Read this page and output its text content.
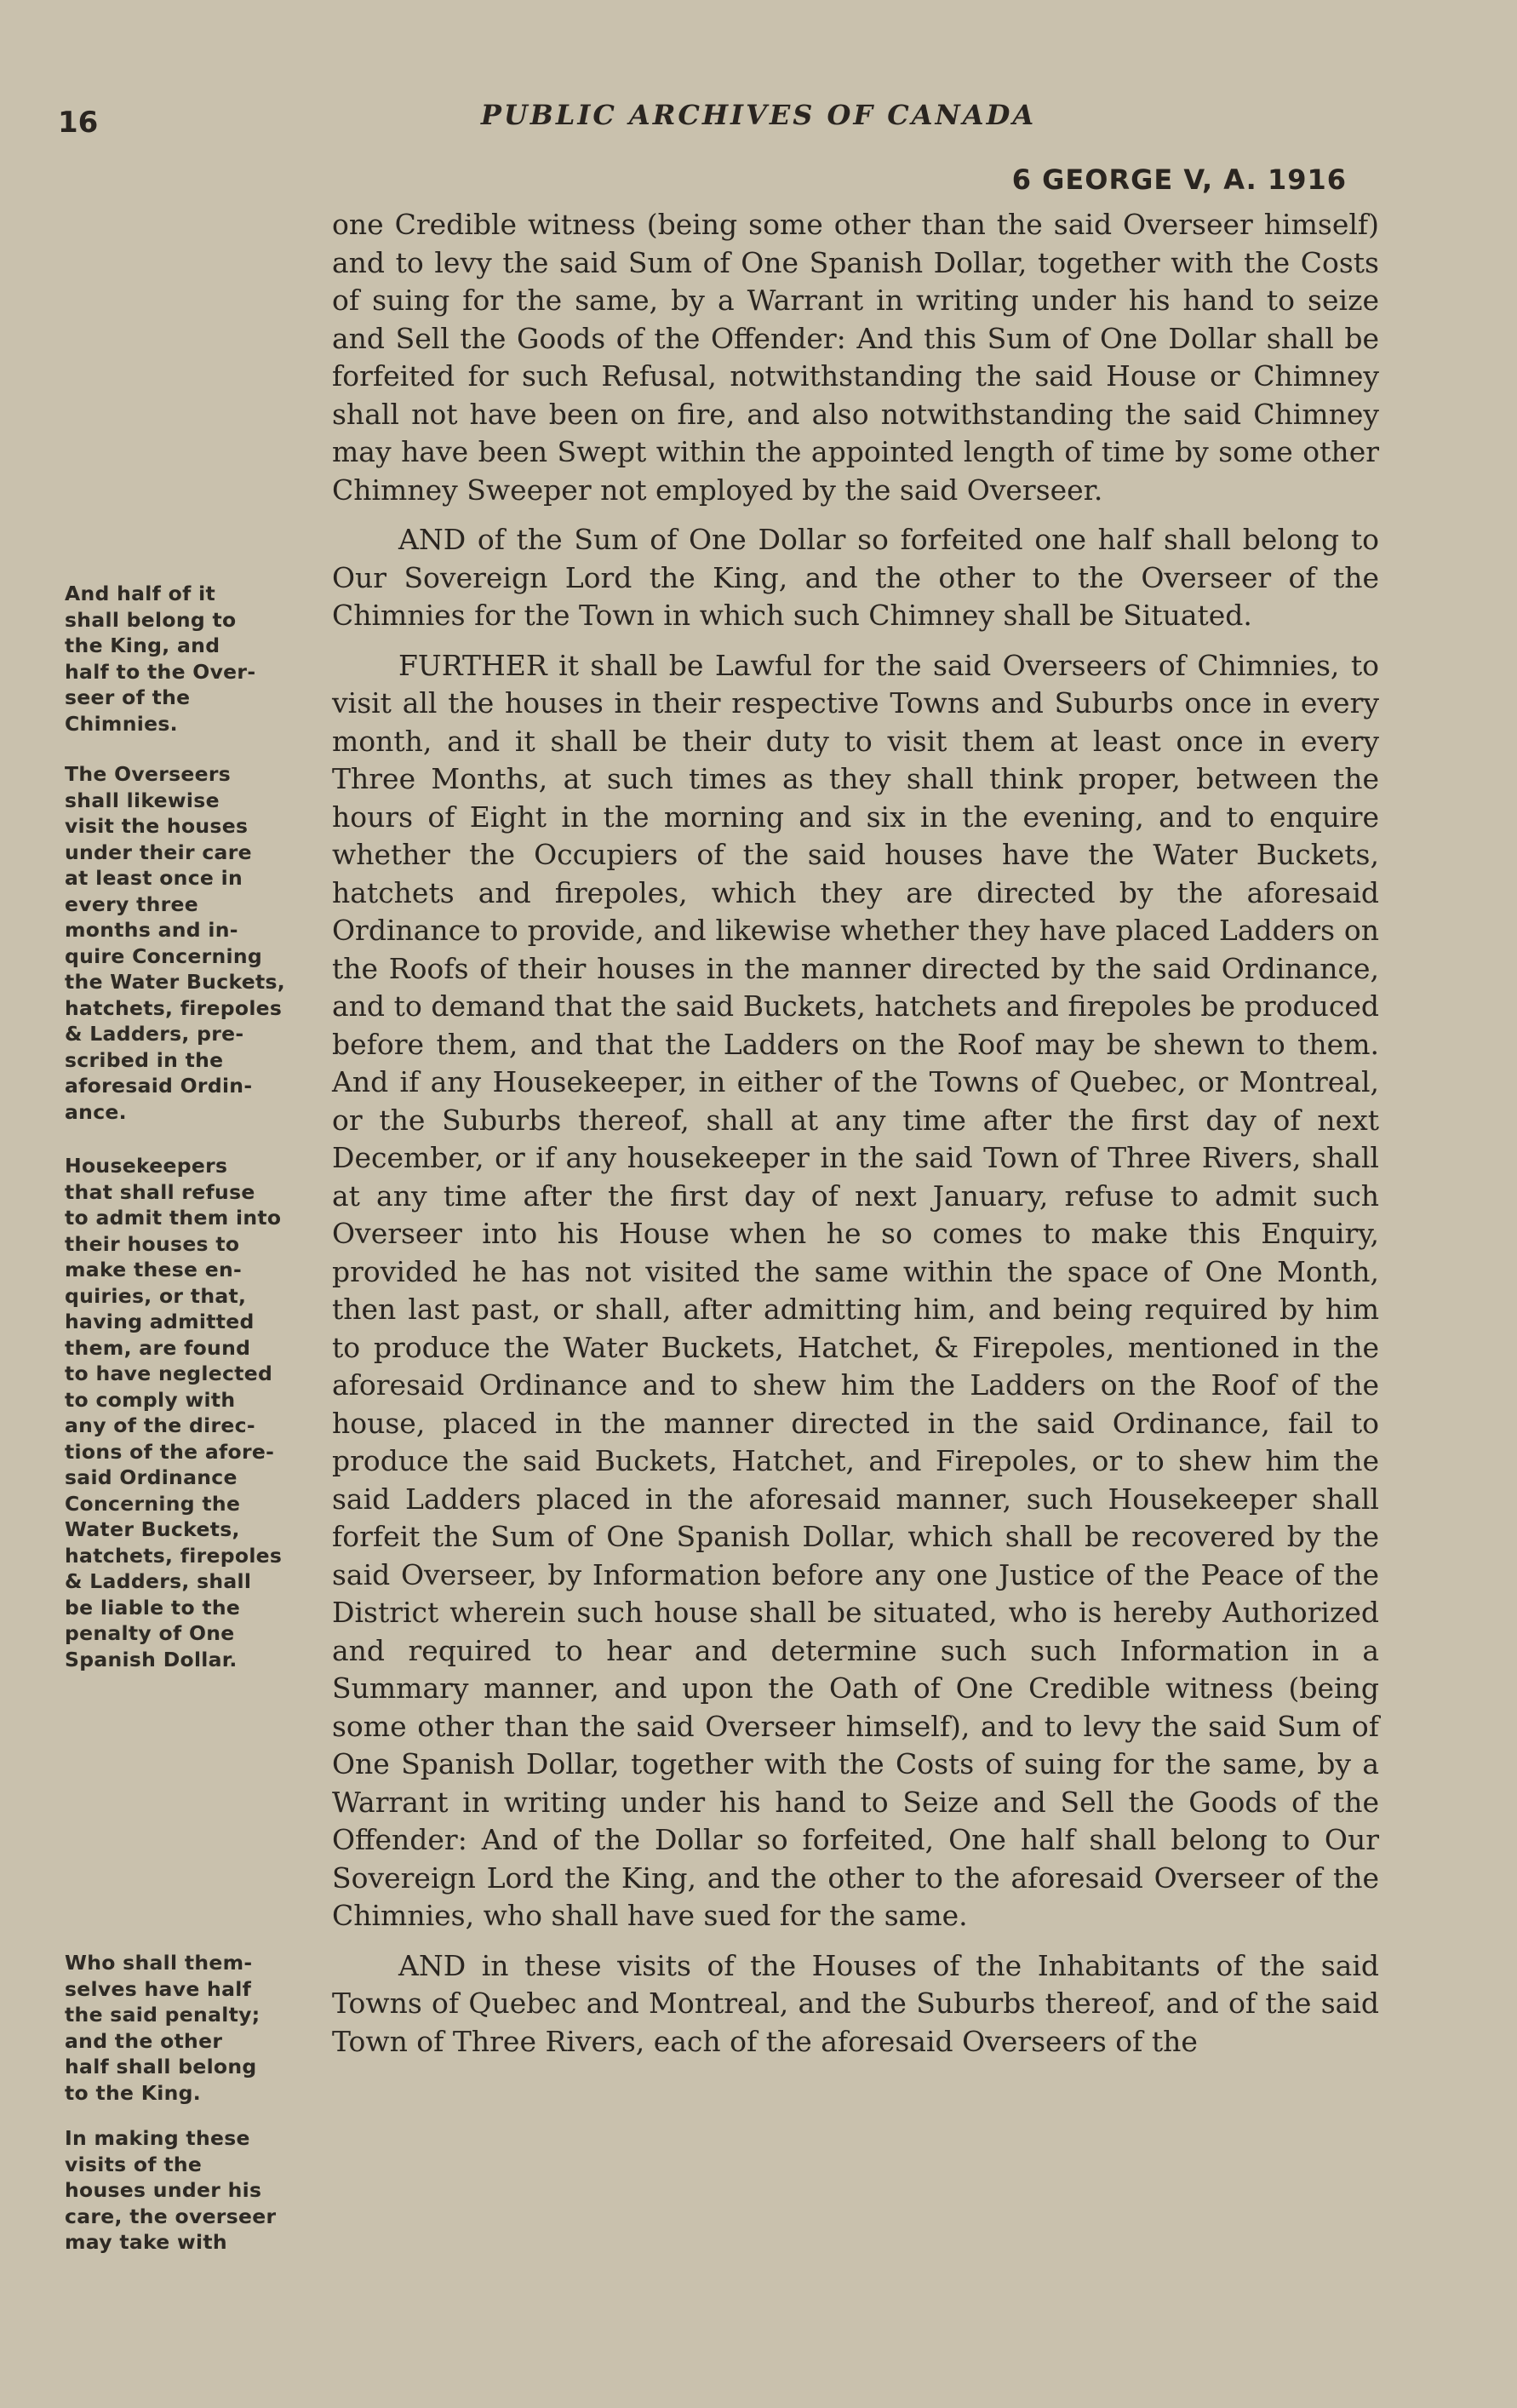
16	PUBLIC ARCHIVES OF CANADA
6 GEORGE V, A. 1916

one Credible witness (being some other than the said Overseer himself) and to levy the said Sum of One Spanish Dollar, together with the Costs of suing for the same, by a Warrant in writing under his hand to seize and Sell the Goods of the Offender: And this Sum of One Dollar shall be forfeited for such Refusal, notwithstanding the said House or Chimney shall not have been on fire, and also notwithstanding the said Chimney may have been Swept within the appointed length of time by some other Chimney Sweeper not employed by the said Overseer.

AND of the Sum of One Dollar so forfeited one half shall belong to Our Sovereign Lord the King, and the other to the Overseer of the Chimnies for the Town in which such Chimney shall be Situated.

FURTHER it shall be Lawful for the said Overseers of Chimnies, to visit all the houses in their respective Towns and Suburbs once in every month, and it shall be their duty to visit them at least once in every Three Months, at such times as they shall think proper, between the hours of Eight in the morning and six in the evening, and to enquire whether the Occupiers of the said houses have the Water Buckets, hatchets and firepoles, which they are directed by the aforesaid Ordinance to provide, and likewise whether they have placed Ladders on the Roofs of their houses in the manner directed by the said Ordinance, and to demand that the said Buckets, hatchets and firepoles be produced before them, and that the Ladders on the Roof may be shewn to them. And if any Housekeeper, in either of the Towns of Quebec, or Montreal, or the Suburbs thereof, shall at any time after the first day of next December, or if any housekeeper in the said Town of Three Rivers, shall at any time after the first day of next January, refuse to admit such Overseer into his House when he so comes to make this Enquiry, provided he has not visited the same within the space of One Month, then last past, or shall, after admitting him, and being required by him to produce the Water Buckets, Hatchet, & Firepoles, mentioned in the aforesaid Ordinance and to shew him the Ladders on the Roof of the house, placed in the manner directed in the said Ordinance, fail to produce the said Buckets, Hatchet, and Firepoles, or to shew him the said Ladders placed in the aforesaid manner, such Housekeeper shall forfeit the Sum of One Spanish Dollar, which shall be recovered by the said Overseer, by Information before any one Justice of the Peace of the District wherein such house shall be situated, who is hereby Authorized and required to hear and determine such such Information in a Summary manner, and upon the Oath of One Credible witness (being some other than the said Overseer himself), and to levy the said Sum of One Spanish Dollar, together with the Costs of suing for the same, by a Warrant in writing under his hand to Seize and Sell the Goods of the Offender: And of the Dollar so forfeited, One half shall belong to Our Sovereign Lord the King, and the other to the aforesaid Overseer of the Chimnies, who shall have sued for the same.

AND in these visits of the Houses of the Inhabitants of the said Towns of Quebec and Montreal, and the Suburbs thereof, and of the said Town of Three Rivers, each of the aforesaid Overseers of the

And half of it
shall belong to
the King, and
half to the Over-
seer of the
Chimnies.
The Overseers
shall likewise
visit the houses
under their care
at least once in
every three
months and in-
quire Concerning
the Water Buckets,
hatchets, firepoles
& Ladders, pre-
scribed in the
aforesaid Ordin-
ance.
Housekeepers
that shall refuse
to admit them into
their houses to
make these en-
quiries, or that,
having admitted
them, are found
to have neglected
to comply with
any of the direc-
tions of the afore-
said Ordinance
Concerning the
Water Buckets,
hatchets, firepoles
& Ladders, shall
be liable to the
penalty of One
Spanish Dollar.
Who shall them-
selves have half
the said penalty;
and the other
half shall belong
to the King.
In making these
visits of the
houses under his
care, the overseer
may take with
